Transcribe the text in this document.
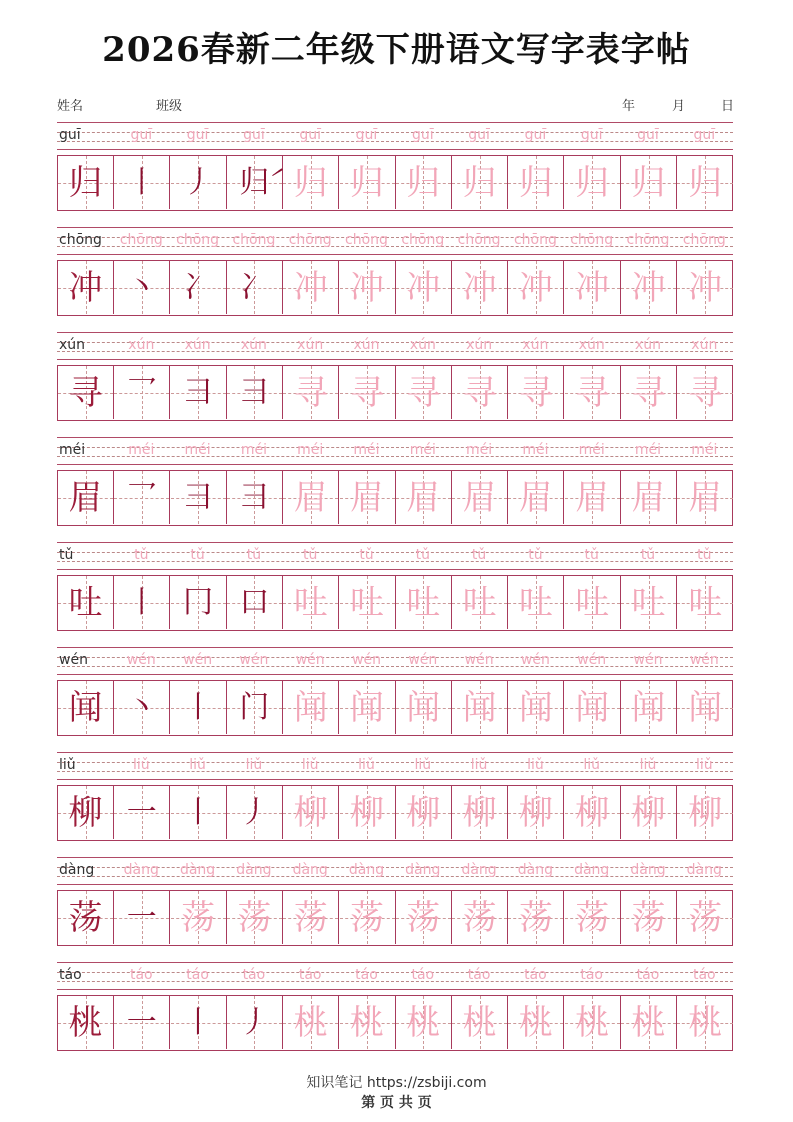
2026春新二年级下册语文写字表字帖
姓名	班级	年	月	日
guī	guī	guī	guī	guī	guī	guī	guī	guī	guī	guī	guī
归 丨 丿 归́ 归 归 归 归 归 归 归 归
chōng	chōng chōng chōng chōng chōng chōng chōng chōng chōng chōng chōng
冲 丶 冫 冫 冲 冲 冲 冲 冲 冲 冲 冲
xún	xún	xún	xún	xún	xún	xún	xún	xún	xún	xún	xún
寻 乛 ⺕ ⺕ 寻 寻 寻 寻 寻 寻 寻 寻
méi	méi	méi	méi	méi	méi	méi	méi	méi	méi	méi	méi
眉 乛 ⺕ ⺕ 眉 眉 眉 眉 眉 眉 眉 眉
tǔ	tǔ	tǔ	tǔ	tǔ	tǔ	tǔ	tǔ	tǔ	tǔ	tǔ	tǔ
吐 丨 冂 口 吐 吐 吐 吐 吐 吐 吐 吐
wén	wén	wén	wén	wén	wén	wén	wén	wén	wén	wén	wén
闻 丶 丨 门 闻 闻 闻 闻 闻 闻 闻 闻
liǔ	liǔ	liǔ	liǔ	liǔ	liǔ	liǔ	liǔ	liǔ	liǔ	liǔ	liǔ
柳 一 丨 丿 柳 柳 柳 柳 柳 柳 柳 柳
dàng	dàng	dàng	dàng	dàng	dàng	dàng	dàng	dàng	dàng	dàng	dàng
荡 一 荡 荡 荡 荡 荡 荡 荡 荡 荡 荡
táo	táo	táo	táo	táo	táo	táo	táo	táo	táo	táo	táo
桃 一 丨 丿 桃 桃 桃 桃 桃 桃 桃 桃
知识笔记 https://zsbiji.com
第 页 共 页
